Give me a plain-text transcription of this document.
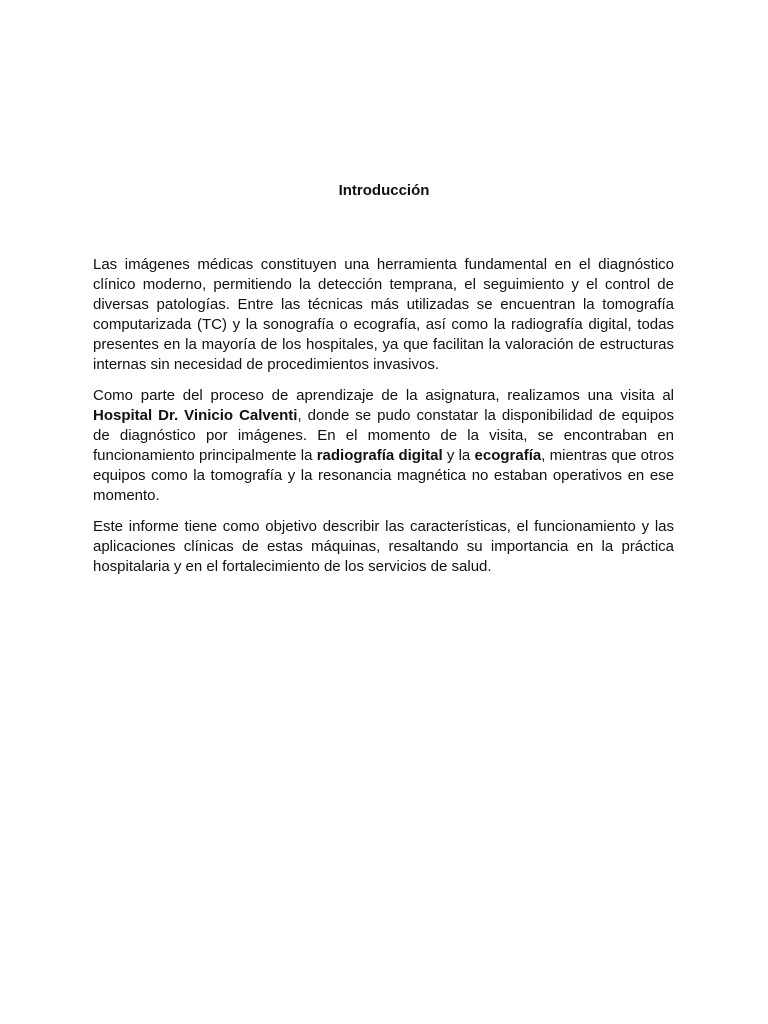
Introducción

Las imágenes médicas constituyen una herramienta fundamental en el diagnóstico clínico moderno, permitiendo la detección temprana, el seguimiento y el control de diversas patologías. Entre las técnicas más utilizadas se encuentran la tomografía computarizada (TC) y la sonografía o ecografía, así como la radiografía digital, todas presentes en la mayoría de los hospitales, ya que facilitan la valoración de estructuras internas sin necesidad de procedimientos invasivos.

Como parte del proceso de aprendizaje de la asignatura, realizamos una visita al Hospital Dr. Vinicio Calventi, donde se pudo constatar la disponibilidad de equipos de diagnóstico por imágenes. En el momento de la visita, se encontraban en funcionamiento principalmente la radiografía digital y la ecografía, mientras que otros equipos como la tomografía y la resonancia magnética no estaban operativos en ese momento.

Este informe tiene como objetivo describir las características, el funcionamiento y las aplicaciones clínicas de estas máquinas, resaltando su importancia en la práctica hospitalaria y en el fortalecimiento de los servicios de salud.
